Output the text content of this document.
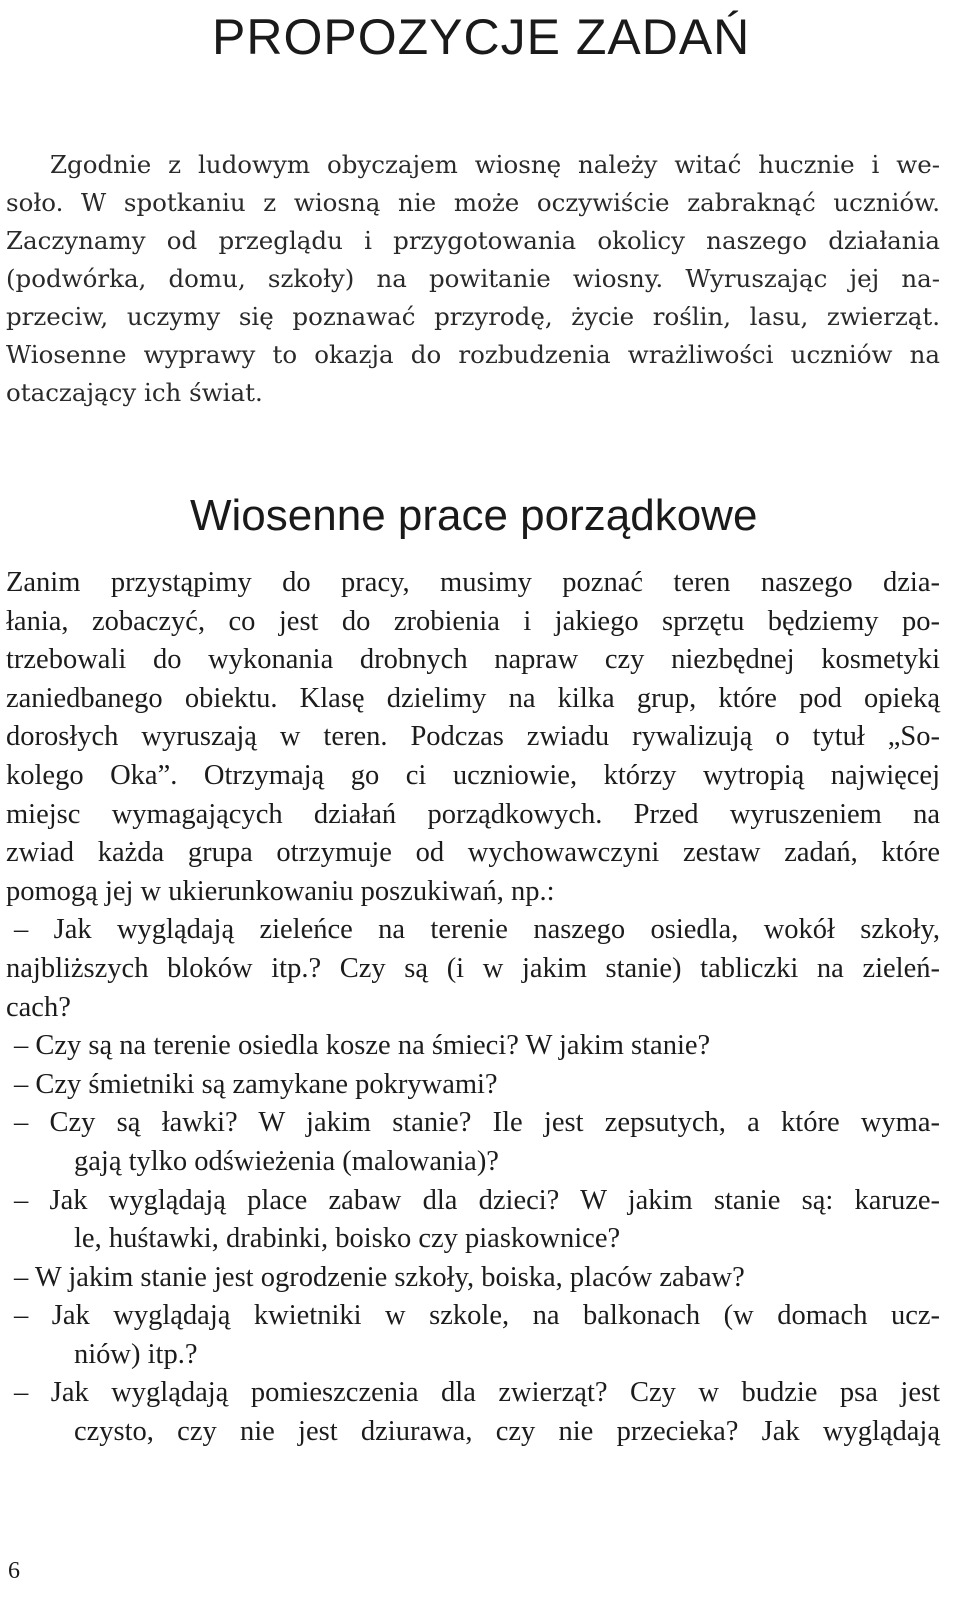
PROPOZYCJE ZADAŃ
Zgodnie z ludowym obyczajem wiosnę należy witać hucznie i we-
soło. W spotkaniu z wiosną nie może oczywiście zabraknąć uczniów.
Zaczynamy od przeglądu i przygotowania okolicy naszego działania
(podwórka, domu, szkoły) na powitanie wiosny. Wyruszając jej na-
przeciw, uczymy się poznawać przyrodę, życie roślin, lasu, zwierząt.
Wiosenne wyprawy to okazja do rozbudzenia wrażliwości uczniów na
otaczający ich świat.
Wiosenne prace porządkowe
Zanim przystąpimy do pracy, musimy poznać teren naszego dzia-
łania, zobaczyć, co jest do zrobienia i jakiego sprzętu będziemy po-
trzebowali do wykonania drobnych napraw czy niezbędnej kosmetyki
zaniedbanego obiektu. Klasę dzielimy na kilka grup, które pod opieką
dorosłych wyruszają w teren. Podczas zwiadu rywalizują o tytuł „So-
kolego Oka”. Otrzymają go ci uczniowie, którzy wytropią najwięcej
miejsc wymagających działań porządkowych. Przed wyruszeniem na
zwiad każda grupa otrzymuje od wychowawczyni zestaw zadań, które
pomogą jej w ukierunkowaniu poszukiwań, np.:
– Jak wyglądają zieleńce na terenie naszego osiedla, wokół szkoły,
najbliższych bloków itp.? Czy są (i w jakim stanie) tabliczki na zieleń-
cach?
– Czy są na terenie osiedla kosze na śmieci? W jakim stanie?
– Czy śmietniki są zamykane pokrywami?
– Czy są ławki? W jakim stanie? Ile jest zepsutych, a które wyma-
gają tylko odświeżenia (malowania)?
– Jak wyglądają place zabaw dla dzieci? W jakim stanie są: karuze-
le, huśtawki, drabinki, boisko czy piaskownice?
– W jakim stanie jest ogrodzenie szkoły, boiska, placów zabaw?
– Jak wyglądają kwietniki w szkole, na balkonach (w domach ucz-
niów) itp.?
– Jak wyglądają pomieszczenia dla zwierząt? Czy w budzie psa jest
czysto, czy nie jest dziurawa, czy nie przecieka? Jak wyglądają
6
